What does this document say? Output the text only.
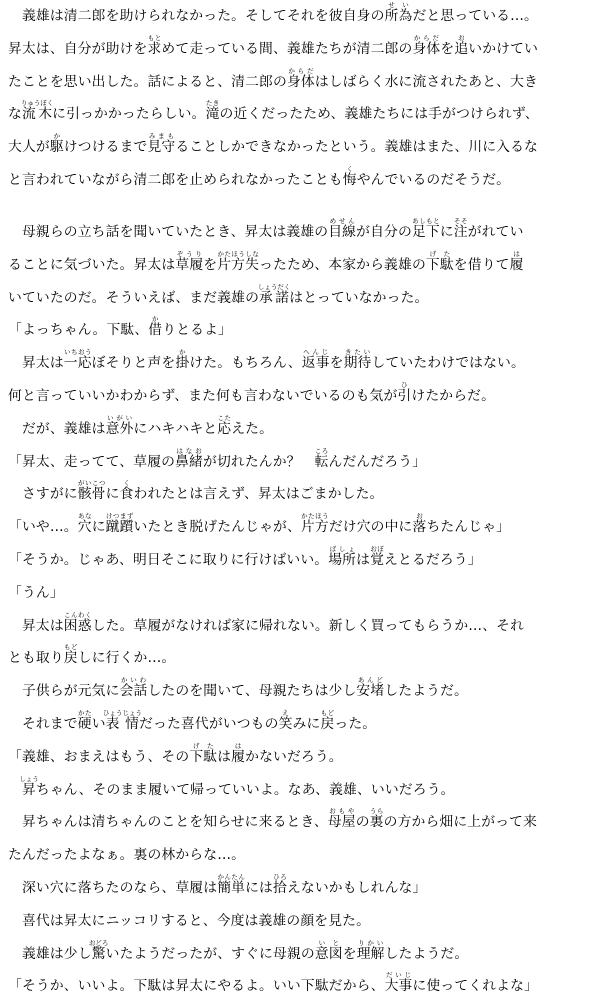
　義雄は清二郎を助けられなかった。そしてそれを彼自身の所為せいだと思っている…。
昇太は、自分が助けを求もとめて走っている間、義雄たちが清二郎の身体からだを追おいかけてい
たことを思い出した。話によると、清二郎の身体からだはしばらく水に流されたあと、大き
な流木りゅうぼくに引っかかったらしい。滝たきの近くだったため、義雄たちには手がつけられず、
大人が駆かけつけるまで見守みまもることしかできなかったという。義雄はまた、川に入るな
と言われていながら清二郎を止められなかったことも悔くやんでいるのだそうだ。
　母親らの立ち話を聞いていたとき、昇太は義雄の目線めせんが自分の足あし下もとに注そそがれてい
ることに気づいた。昇太は草履ぞうりを片方失かたほうしなったため、本家から義雄の下駄げたを借りて履は
いていたのだ。そういえば、まだ義雄の承諾しょうだくはとっていなかった。
「よっちゃん。下駄、借かりとるよ」
　昇太は一応いちおうぼそりと声を掛かけた。もちろん、返事へんじを期待きたいしていたわけではない。
何と言っていいかわからず、また何も言わないでいるのも気が引ひけたからだ。
　だが、義雄は意外いがいにハキハキと応こたえた。
「昇太、走ってて、草履の鼻緒はなおが切れたんか？　転ころんだんだろう」
　さすがに骸骨がいこつに食くわれたとは言えず、昇太はごまかした。
「いや…。穴あなに蹴躓けつまずいたとき脱げたんじゃが、片方かたほうだけ穴の中に落おちたんじゃ」
「そうか。じゃあ、明日そこに取りに行けばいい。場所ばしょは覚おぼえとるだろう」
「うん」
　昇太は困惑こんわくした。草履がなければ家に帰れない。新しく買ってもらうか…、それ
とも取り戻もどしに行くか…。
　子供らが元気に会話かいわしたのを聞いて、母親たちは少し安堵あんどしたようだ。
　それまで硬かたい表情ひょうじょうだった喜代がいつもの笑えみに戻もどった。
「義雄、おまえはもう、その下駄げたは履はかないだろう。
　昇しょうちゃん、そのまま履いて帰っていいよ。なあ、義雄、いいだろう。
　昇ちゃんは清ちゃんのことを知らせに来るとき、母屋おもやの裏うらの方から畑に上がって来
たんだったよなぁ。裏の林からな…。
　深い穴に落ちたのなら、草履は簡単かんたんには拾ひろえないかもしれんな」
　喜代は昇太にニッコリすると、今度は義雄の顔を見た。
　義雄は少し驚おどろいたようだったが、すぐに母親の意図いとを理解りかいしたようだ。
「そうか、いいよ。下駄は昇太にやるよ。いい下駄だから、大事だいじに使ってくれよな」
